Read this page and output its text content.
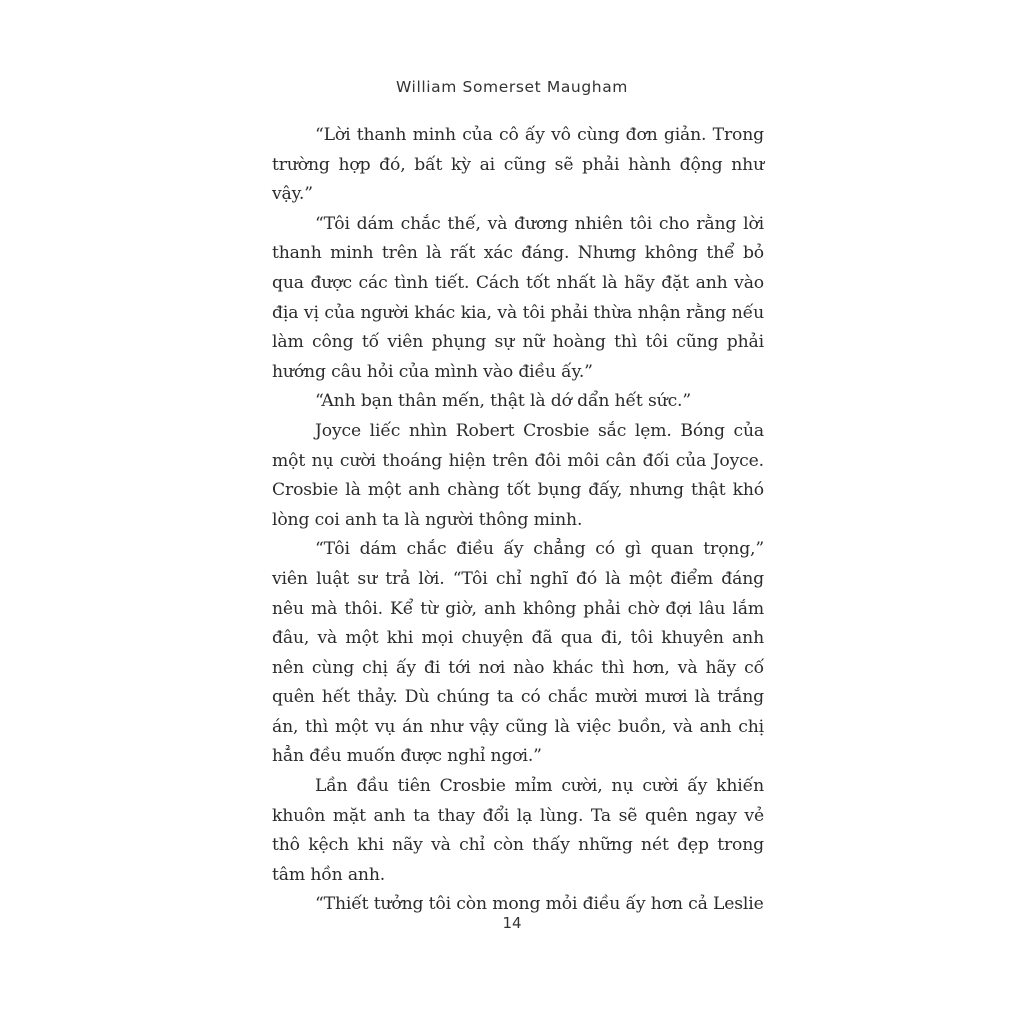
William Somerset Maugham

“Lời thanh minh của cô ấy vô cùng đơn giản. Trong trường hợp đó, bất kỳ ai cũng sẽ phải hành động như vậy.”

“Tôi dám chắc thế, và đương nhiên tôi cho rằng lời thanh minh trên là rất xác đáng. Nhưng không thể bỏ qua được các tình tiết. Cách tốt nhất là hãy đặt anh vào địa vị của người khác kia, và tôi phải thừa nhận rằng nếu làm công tố viên phụng sự nữ hoàng thì tôi cũng phải hướng câu hỏi của mình vào điều ấy.”

“Anh bạn thân mến, thật là dớ dẩn hết sức.”

Joyce liếc nhìn Robert Crosbie sắc lẹm. Bóng của một nụ cười thoáng hiện trên đôi môi cân đối của Joyce. Crosbie là một anh chàng tốt bụng đấy, nhưng thật khó lòng coi anh ta là người thông minh.

“Tôi dám chắc điều ấy chẳng có gì quan trọng,” viên luật sư trả lời. “Tôi chỉ nghĩ đó là một điểm đáng nêu mà thôi. Kể từ giờ, anh không phải chờ đợi lâu lắm đâu, và một khi mọi chuyện đã qua đi, tôi khuyên anh nên cùng chị ấy đi tới nơi nào khác thì hơn, và hãy cố quên hết thảy. Dù chúng ta có chắc mười mươi là trắng án, thì một vụ án như vậy cũng là việc buồn, và anh chị hẳn đều muốn được nghỉ ngơi.”

Lần đầu tiên Crosbie mỉm cười, nụ cười ấy khiến khuôn mặt anh ta thay đổi lạ lùng. Ta sẽ quên ngay vẻ thô kệch khi nãy và chỉ còn thấy những nét đẹp trong tâm hồn anh.

“Thiết tưởng tôi còn mong mỏi điều ấy hơn cả Leslie

14
